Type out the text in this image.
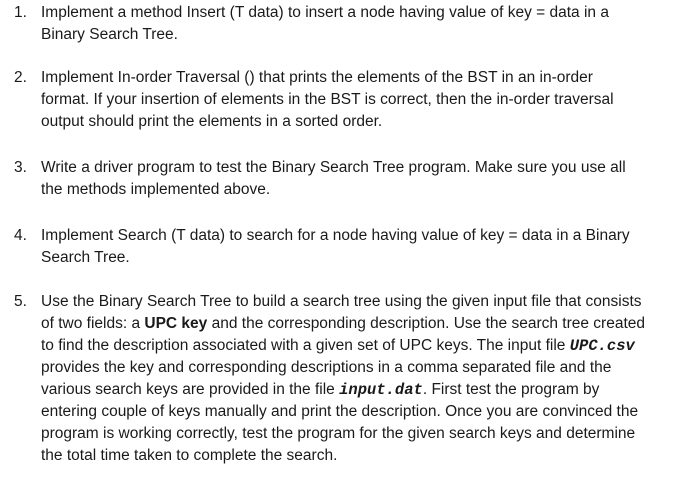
1. Implement a method Insert (T data) to insert a node having value of key = data in a
Binary Search Tree.
2. Implement In-order Traversal () that prints the elements of the BST in an in-order
format. If your insertion of elements in the BST is correct, then the in-order traversal
output should print the elements in a sorted order.
3. Write a driver program to test the Binary Search Tree program. Make sure you use all
the methods implemented above.
4. Implement Search (T data) to search for a node having value of key = data in a Binary
Search Tree.
5. Use the Binary Search Tree to build a search tree using the given input file that consists
of two fields: a UPC key and the corresponding description. Use the search tree created
to find the description associated with a given set of UPC keys. The input file UPC.csv
provides the key and corresponding descriptions in a comma separated file and the
various search keys are provided in the file input.dat. First test the program by
entering couple of keys manually and print the description. Once you are convinced the
program is working correctly, test the program for the given search keys and determine
the total time taken to complete the search.
